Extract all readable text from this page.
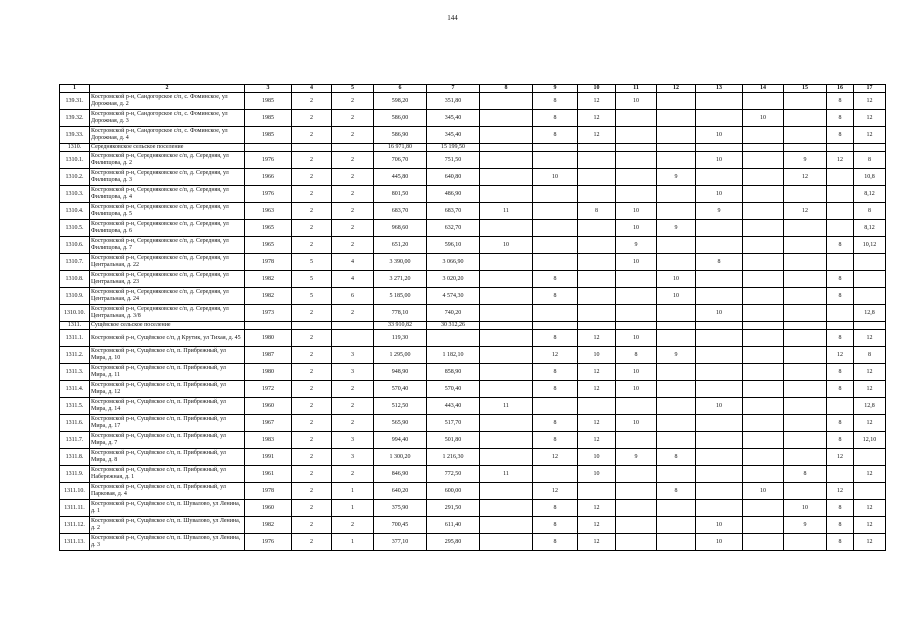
144
1	2	3	4	5	6	7	8	9	10	11	12	13	14	15	16	17
139.31.	Костромской р-н, Сандогорское с/п, с. Фоминское, ул Дорожная, д. 2	1985	2	2	598,20	351,80		8	12	10					8	12
139.32.	Костромской р-н, Сандогорское с/п, с. Фоминское, ул Дорожная, д. 3	1985	2	2	586,00	345,40		8	12				10		8	12
139.33.	Костромской р-н, Сандогорское с/п, с. Фоминское, ул Дорожная, д. 4	1985	2	2	586,90	345,40		8	12			10			8	12
1310.	Середняковское сельское поселение				16 971,80	15 199,50										
1310.1.	Костромской р-н, Середняковское с/п, д. Середняя, ул Филипцова, д. 2	1976	2	2	706,70	751,50						10		9	12	8
1310.2.	Костромской р-н, Середняковское с/п, д. Середняя, ул Филипцова, д. 3	1966	2	2	445,80	640,80		10			9			12		10,8
1310.3.	Костромской р-н, Середняковское с/п, д. Середняя, ул Филипцова, д. 4	1976	2	2	801,50	486,90						10				8,12
1310.4.	Костромской р-н, Середняковское с/п, д. Середняя, ул Филипцова, д. 5	1963	2	2	683,70	683,70	11		8	10		9		12		8
1310.5.	Костромской р-н, Середняковское с/п, д. Середняя, ул Филипцова, д. 6	1965	2	2	968,60	632,70				10	9					8,12
1310.6.	Костромской р-н, Середняковское с/п, д. Середняя, ул Филипцова, д. 7	1965	2	2	651,20	596,10	10			9					8	10,12
1310.7.	Костромской р-н, Середняковское с/п, д. Середняя, ул Центральная, д. 22	1978	5	4	3 390,00	3 066,90				10		8				
1310.8.	Костромской р-н, Середняковское с/п, д. Середняя, ул Центральная, д. 23	1982	5	4	3 271,20	3 020,20		8			10				8	
1310.9.	Костромской р-н, Середняковское с/п, д. Середняя, ул Центральная, д. 24	1982	5	6	5 185,00	4 574,30		8			10				8	
1310.10.	Костромской р-н, Середняковское с/п, д. Середняя, ул Центральная, д. 3/8	1973	2	2	778,10	740,20						10				12,8
1311.	Сущёвское сельское поселение				33 910,82	30 312,26										
1311.1.	Костромской р-н, Сущёвское с/п, д Крутик, ул Тихая, д. 45	1980	2		119,30			8	12	10					8	12
1311.2.	Костромской р-н, Сущёвское с/п, п. Прибрежный, ул Мира, д. 10	1987	2	3	1 295,00	1 182,10		12	10	8	9				12	8
1311.3.	Костромской р-н, Сущёвское с/п, п. Прибрежный, ул Мира, д. 11	1980	2	3	948,90	858,90		8	12	10					8	12
1311.4.	Костромской р-н, Сущёвское с/п, п. Прибрежный, ул Мира, д. 12	1972	2	2	570,40	570,40		8	12	10					8	12
1311.5.	Костромской р-н, Сущёвское с/п, п. Прибрежный, ул Мира, д. 14	1960	2	2	512,50	443,40	11					10				12,8
1311.6.	Костромской р-н, Сущёвское с/п, п. Прибрежный, ул Мира, д. 17	1967	2	2	565,90	517,70		8	12	10					8	12
1311.7.	Костромской р-н, Сущёвское с/п, п. Прибрежный, ул Мира, д. 7	1983	2	3	994,40	501,80		8	12						8	12,10
1311.8.	Костромской р-н, Сущёвское с/п, п. Прибрежный, ул Мира, д. 8	1991	2	3	1 300,20	1 216,30		12	10	9	8				12	
1311.9.	Костромской р-н, Сущёвское с/п, п. Прибрежный, ул Набережная, д. 1	1961	2	2	846,90	772,50	11		10					8		12
1311.10.	Костромской р-н, Сущёвское с/п, п. Прибрежный, ул Парковая, д. 4	1978	2	1	640,20	600,00		12			8		10		12	
1311.11.	Костромской р-н, Сущёвское с/п, п. Шувалово, ул Ленина, д. 1	1960	2	1	375,90	291,50		8	12					10	8	12
1311.12.	Костромской р-н, Сущёвское с/п, п. Шувалово, ул Ленина, д. 2	1982	2	2	700,45	611,40		8	12			10		9	8	12
1311.13.	Костромской р-н, Сущёвское с/п, п. Шувалово, ул Ленина, д. 3	1976	2	1	377,10	295,80		8	12			10			8	12
